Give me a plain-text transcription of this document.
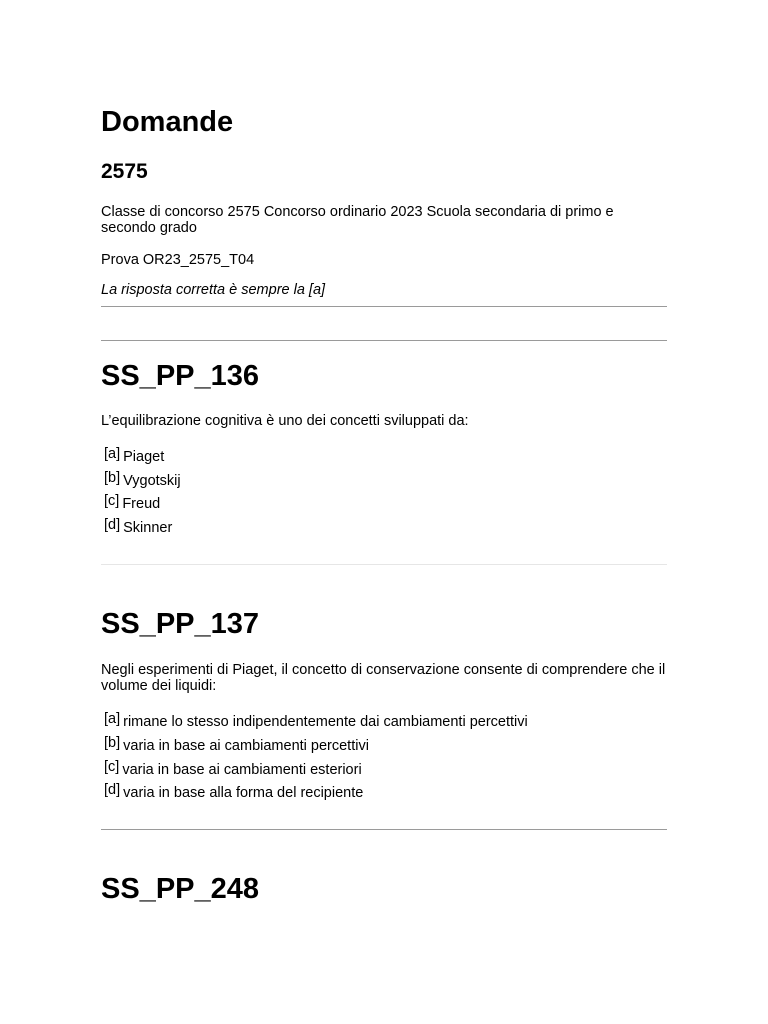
Domande
2575

Classe di concorso 2575 Concorso ordinario 2023 Scuola secondaria di primo e secondo grado

Prova OR23_2575_T04

La risposta corretta è sempre la [a]

SS_PP_136

L’equilibrazione cognitiva è uno dei concetti sviluppati da:

[a] Piaget
[b] Vygotskij
[c] Freud
[d] Skinner
SS_PP_137

Negli esperimenti di Piaget, il concetto di conservazione consente di comprendere che il volume dei liquidi:

[a] rimane lo stesso indipendentemente dai cambiamenti percettivi
[b] varia in base ai cambiamenti percettivi
[c] varia in base ai cambiamenti esteriori
[d] varia in base alla forma del recipiente
SS_PP_248
